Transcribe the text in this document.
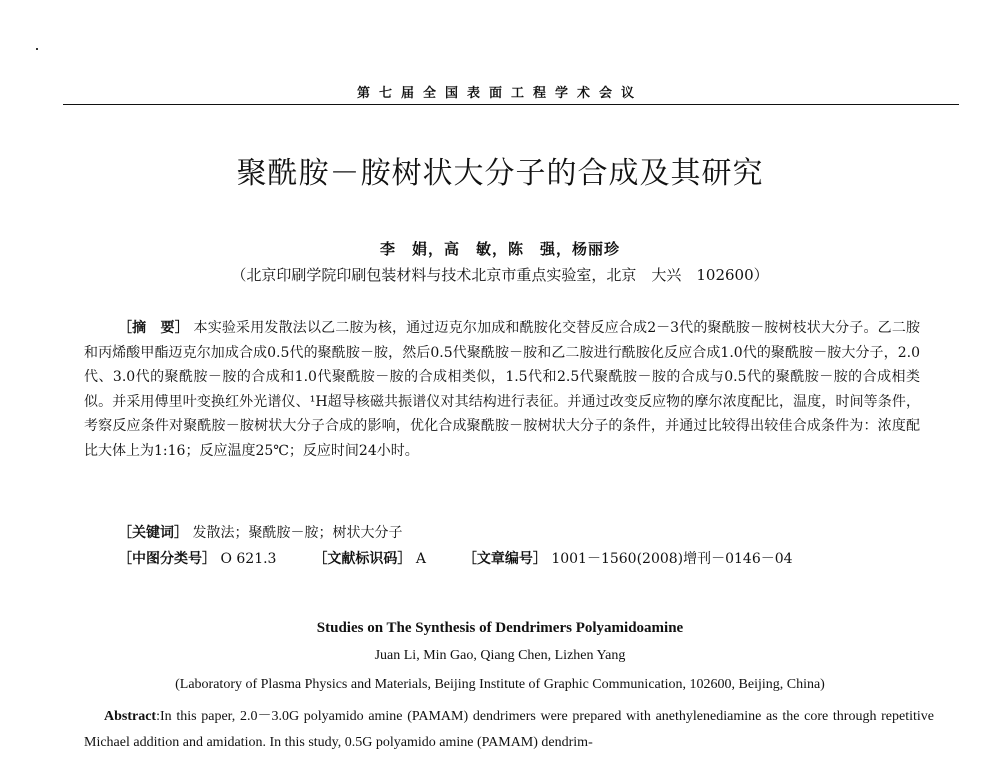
第七届全国表面工程学术会议
聚酰胺－胺树状大分子的合成及其研究
李　娟，高　敏，陈　强，杨丽珍
（北京印刷学院印刷包装材料与技术北京市重点实验室，北京　大兴　102600）

［摘　要］ 本实验采用发散法以乙二胺为核，通过迈克尔加成和酰胺化交替反应合成2－3代的聚酰胺－胺树枝状大分子。乙二胺和丙烯酸甲酯迈克尔加成合成0.5代的聚酰胺－胺，然后0.5代聚酰胺－胺和乙二胺进行酰胺化反应合成1.0代的聚酰胺－胺大分子，2.0代、3.0代的聚酰胺－胺的合成和1.0代聚酰胺－胺的合成相类似，1.5代和2.5代聚酰胺－胺的合成与0.5代的聚酰胺－胺的合成相类似。并采用傅里叶变换红外光谱仪、¹H超导核磁共振谱仪对其结构进行表征。并通过改变反应物的摩尔浓度配比，温度，时间等条件，考察反应条件对聚酰胺－胺树状大分子合成的影响，优化合成聚酰胺－胺树状大分子的条件，并通过比较得出较佳合成条件为：浓度配比大体上为1:16；反应温度25℃；反应时间24小时。

［关键词］ 发散法；聚酰胺－胺；树状大分子
［中图分类号］ O 621.3	［文献标识码］ A	［文章编号］ 1001－1560(2008)增刊－0146－04
Studies on The Synthesis of Dendrimers Polyamidoamine
Juan Li, Min Gao, Qiang Chen, Lizhen Yang
(Laboratory of Plasma Physics and Materials, Beijing Institute of Graphic Communication, 102600, Beijing, China)

Abstract:In this paper, 2.0－3.0G polyamido amine (PAMAM) dendrimers were prepared with anethylenediamine as the core through repetitive Michael addition and amidation. In this study, 0.5G polyamido amine (PAMAM) dendrim-
